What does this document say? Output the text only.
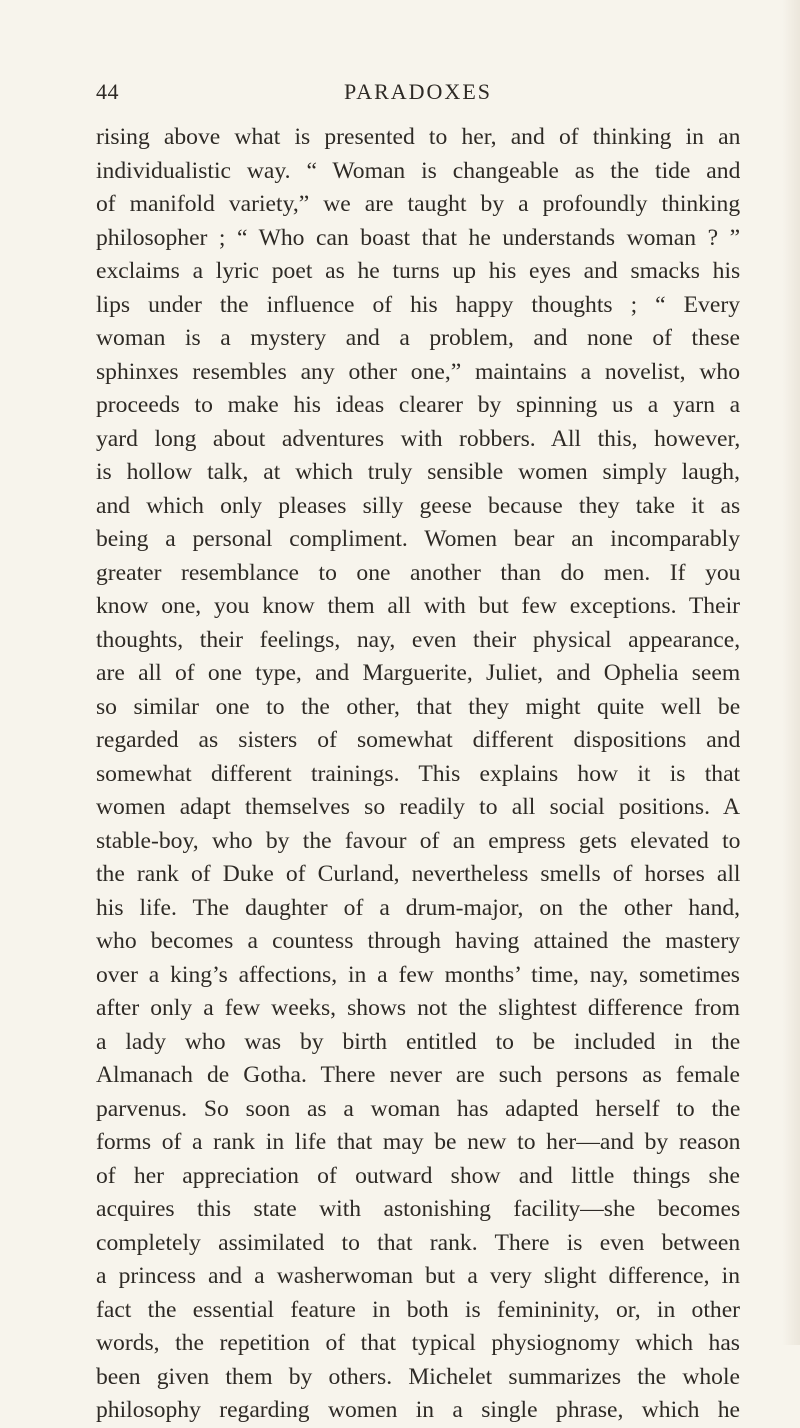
44	PARADOXES
rising above what is presented to her, and of thinking in an
individualistic way. “ Woman is changeable as the tide and
of manifold variety,” we are taught by a profoundly thinking
philosopher ; “ Who can boast that he understands woman ? ”
exclaims a lyric poet as he turns up his eyes and smacks his
lips under the influence of his happy thoughts ; “ Every
woman is a mystery and a problem, and none of these
sphinxes resembles any other one,” maintains a novelist, who
proceeds to make his ideas clearer by spinning us a yarn a
yard long about adventures with robbers. All this, however,
is hollow talk, at which truly sensible women simply laugh,
and which only pleases silly geese because they take it as
being a personal compliment. Women bear an incomparably
greater resemblance to one another than do men. If you
know one, you know them all with but few exceptions. Their
thoughts, their feelings, nay, even their physical appearance,
are all of one type, and Marguerite, Juliet, and Ophelia seem
so similar one to the other, that they might quite well be
regarded as sisters of somewhat different dispositions and
somewhat different trainings. This explains how it is that
women adapt themselves so readily to all social positions. A
stable-boy, who by the favour of an empress gets elevated to
the rank of Duke of Curland, nevertheless smells of horses all
his life. The daughter of a drum-major, on the other hand,
who becomes a countess through having attained the mastery
over a king’s affections, in a few months’ time, nay, sometimes
after only a few weeks, shows not the slightest difference from
a lady who was by birth entitled to be included in the
Almanach de Gotha. There never are such persons as female
parvenus. So soon as a woman has adapted herself to the
forms of a rank in life that may be new to her—and by reason
of her appreciation of outward show and little things she
acquires this state with astonishing facility—she becomes
completely assimilated to that rank. There is even between
a princess and a washerwoman but a very slight difference, in
fact the essential feature in both is femininity, or, in other
words, the repetition of that typical physiognomy which has
been given them by others. Michelet summarizes the whole
philosophy regarding women in a single phrase, which he
